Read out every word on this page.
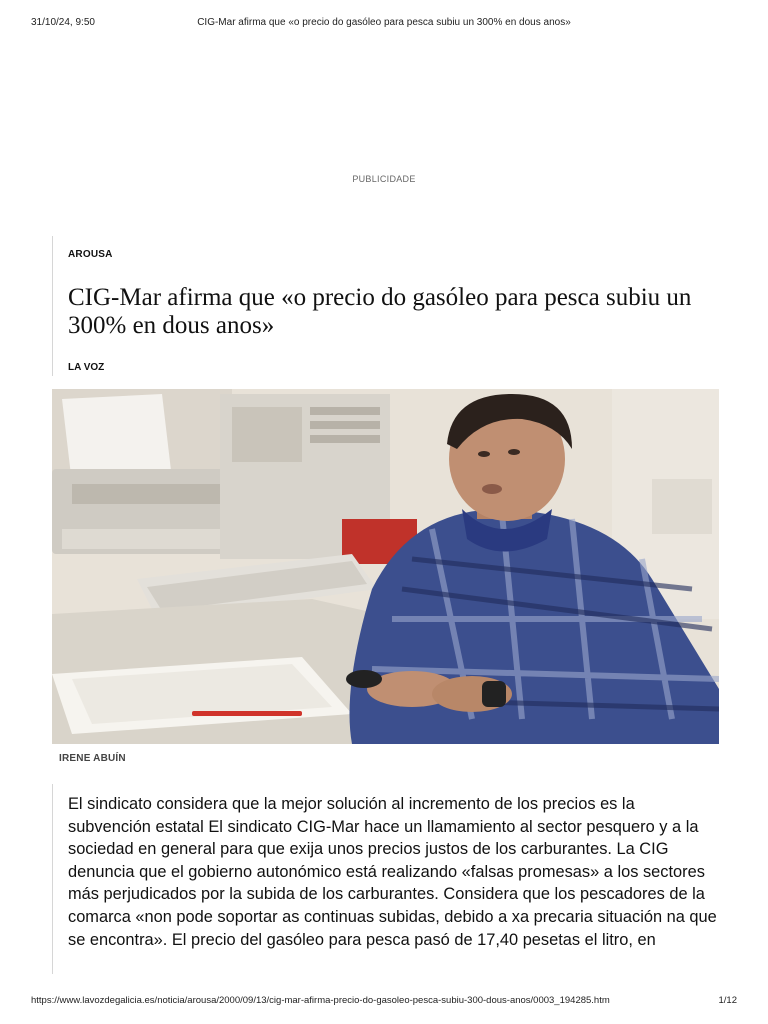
31/10/24, 9:50	CIG-Mar afirma que «o precio do gasóleo para pesca subiu un 300% en dous anos»
PUBLICIDADE
AROUSA
CIG-Mar afirma que «o precio do gasóleo para pesca subiu un 300% en dous anos»
LA VOZ
IRENE ABUÍN

El sindicato considera que la mejor solución al incremento de los precios es la subvención estatal El sindicato CIG-Mar hace un llamamiento al sector pesquero y a la sociedad en general para que exija unos precios justos de los carburantes. La CIG denuncia que el gobierno autonómico está realizando «falsas promesas» a los sectores más perjudicados por la subida de los carburantes. Considera que los pescadores de la comarca «non pode soportar as continuas subidas, debido a xa precaria situación na que se encontra». El precio del gasóleo para pesca pasó de 17,40 pesetas el litro, en

https://www.lavozdegalicia.es/noticia/arousa/2000/09/13/cig-mar-afirma-precio-do-gasoleo-pesca-subiu-300-dous-anos/0003_194285.htm	1/12
